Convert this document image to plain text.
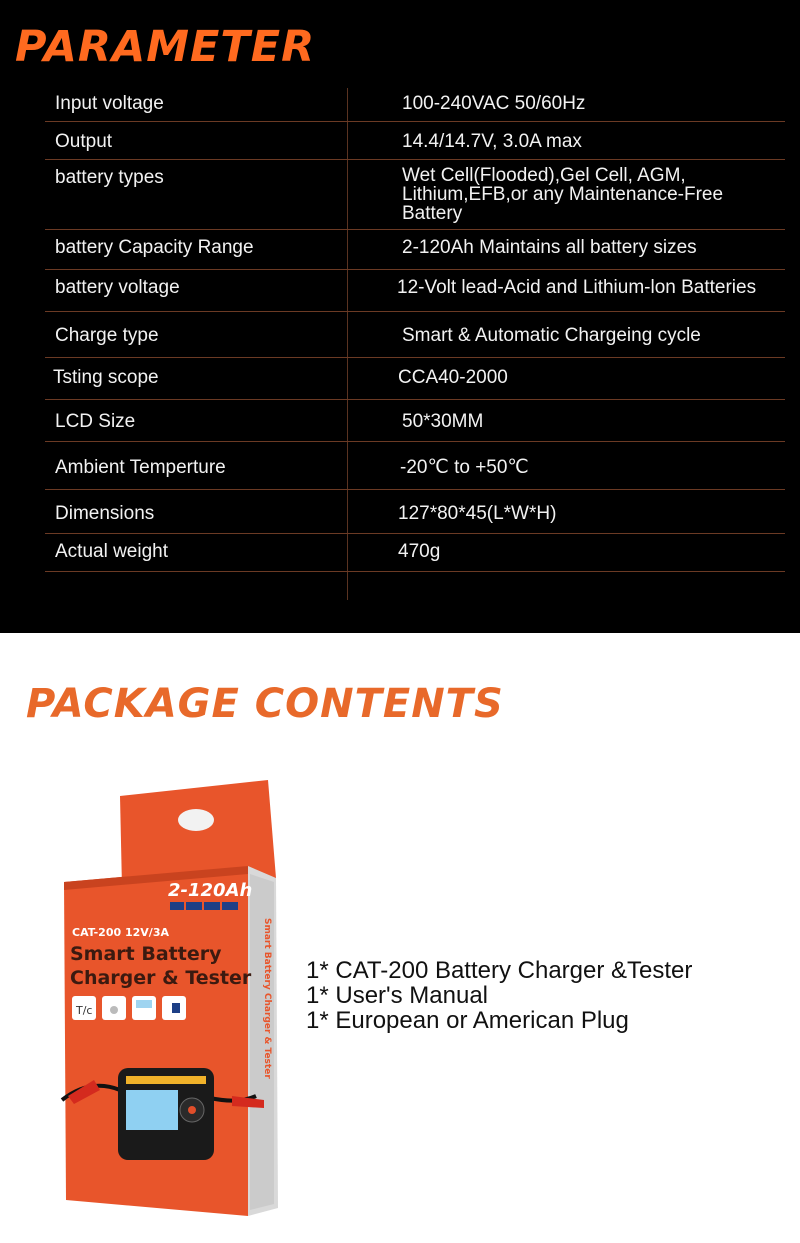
PARAMETER
Input voltage	100-240VAC 50/60Hz
Output	14.4/14.7V, 3.0A max
battery types	Wet Cell(Flooded),Gel Cell, AGM,
Lithium,EFB,or any Maintenance-Free
Battery
battery Capacity Range	2-120Ah Maintains all battery sizes
battery voltage	12-Volt lead-Acid and Lithium-lon Batteries
Charge type	Smart & Automatic Chargeing cycle
Tsting scope	CCA40-2000
LCD Size	50*30MM
Ambient Temperture	-20℃ to +50℃
Dimensions	127*80*45(L*W*H)
Actual weight	470g
PACKAGE CONTENTS
2-120Ah
CAT-200 12V/3A
Smart Battery
Charger & Tester
T/c	Smart Battery Charger & Tester 1* CAT-200 Battery Charger &Tester
1* User's Manual
1* European or American Plug
